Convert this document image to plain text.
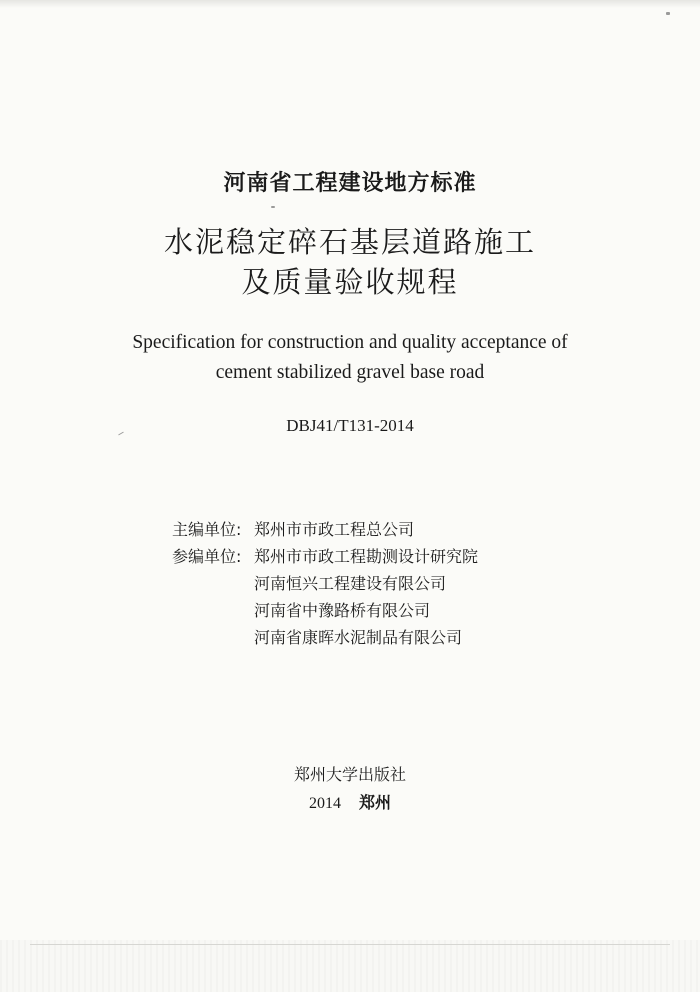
河南省工程建设地方标准
水泥稳定碎石基层道路施工
及质量验收规程
Specification for construction and quality acceptance of
cement stabilized gravel base road
DBJ41/T131-2014
主编单位: 郑州市市政工程总公司
参编单位: 郑州市市政工程勘测设计研究院
河南恒兴工程建设有限公司
河南省中豫路桥有限公司
河南省康晖水泥制品有限公司
郑州大学出版社
2014 郑州
